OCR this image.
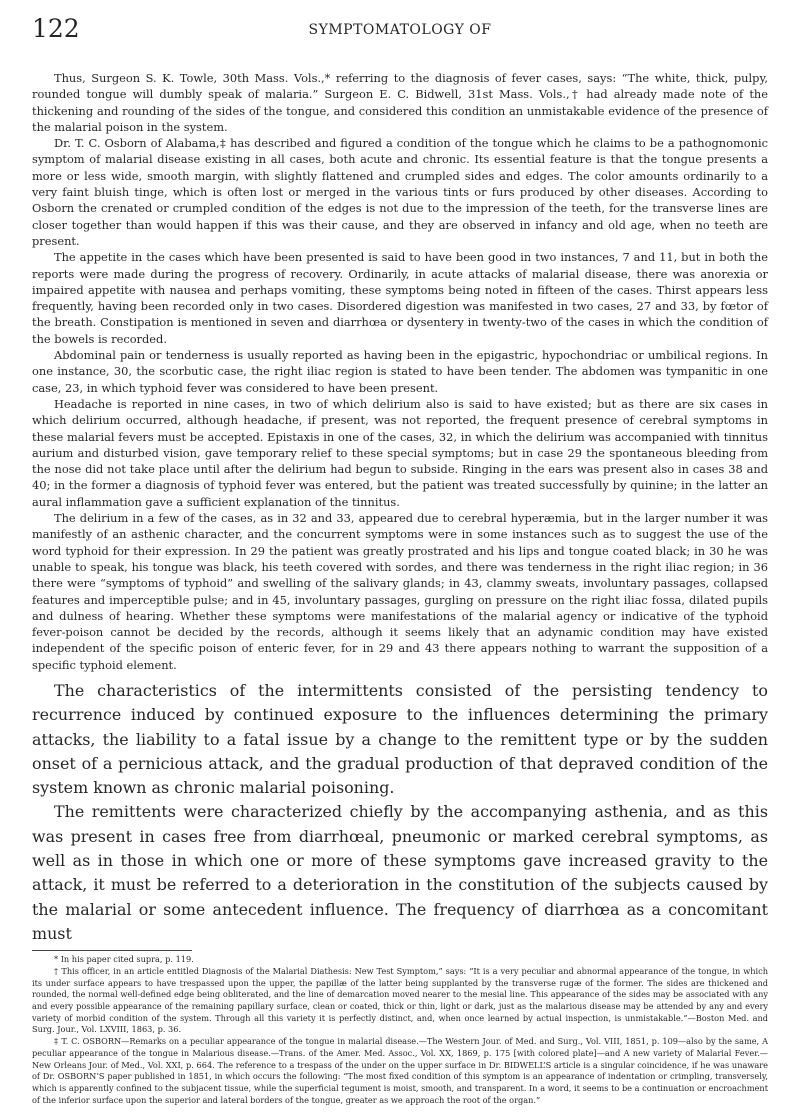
122	SYMPTOMATOLOGY OF

Thus, Surgeon S. K. Towle, 30th Mass. Vols.,* referring to the diagnosis of fever cases, says: “The white, thick, pulpy, rounded tongue will dumbly speak of malaria.” Surgeon E. C. Bidwell, 31st Mass. Vols.,† had already made note of the thickening and rounding of the sides of the tongue, and considered this condition an unmistakable evidence of the presence of the malarial poison in the system.

Dr. T. C. Osborn of Alabama,‡ has described and figured a condition of the tongue which he claims to be a pathognomonic symptom of malarial disease existing in all cases, both acute and chronic. Its essential feature is that the tongue presents a more or less wide, smooth margin, with slightly flattened and crumpled sides and edges. The color amounts ordinarily to a very faint bluish tinge, which is often lost or merged in the various tints or furs produced by other diseases. According to Osborn the crenated or crumpled condition of the edges is not due to the impression of the teeth, for the transverse lines are closer together than would happen if this was their cause, and they are observed in infancy and old age, when no teeth are present.

The appetite in the cases which have been presented is said to have been good in two instances, 7 and 11, but in both the reports were made during the progress of recovery. Ordinarily, in acute attacks of malarial disease, there was anorexia or impaired appetite with nausea and perhaps vomiting, these symptoms being noted in fifteen of the cases. Thirst appears less frequently, having been recorded only in two cases. Disordered digestion was manifested in two cases, 27 and 33, by fœtor of the breath. Constipation is mentioned in seven and diarrhœa or dysentery in twenty-two of the cases in which the condition of the bowels is recorded.

Abdominal pain or tenderness is usually reported as having been in the epigastric, hypochondriac or umbilical regions. In one instance, 30, the scorbutic case, the right iliac region is stated to have been tender. The abdomen was tympanitic in one case, 23, in which typhoid fever was considered to have been present.

Headache is reported in nine cases, in two of which delirium also is said to have existed; but as there are six cases in which delirium occurred, although headache, if present, was not reported, the frequent presence of cerebral symptoms in these malarial fevers must be accepted. Epistaxis in one of the cases, 32, in which the delirium was accompanied with tinnitus aurium and disturbed vision, gave temporary relief to these special symptoms; but in case 29 the spontaneous bleeding from the nose did not take place until after the delirium had begun to subside. Ringing in the ears was present also in cases 38 and 40; in the former a diagnosis of typhoid fever was entered, but the patient was treated successfully by quinine; in the latter an aural inflammation gave a sufficient explanation of the tinnitus.

The delirium in a few of the cases, as in 32 and 33, appeared due to cerebral hyperæmia, but in the larger number it was manifestly of an asthenic character, and the concurrent symptoms were in some instances such as to suggest the use of the word typhoid for their expression. In 29 the patient was greatly prostrated and his lips and tongue coated black; in 30 he was unable to speak, his tongue was black, his teeth covered with sordes, and there was tenderness in the right iliac region; in 36 there were “symptoms of typhoid” and swelling of the salivary glands; in 43, clammy sweats, involuntary passages, collapsed features and imperceptible pulse; and in 45, involuntary passages, gurgling on pressure on the right iliac fossa, dilated pupils and dulness of hearing. Whether these symptoms were manifestations of the malarial agency or indicative of the typhoid fever-poison cannot be decided by the records, although it seems likely that an adynamic condition may have existed independent of the specific poison of enteric fever, for in 29 and 43 there appears nothing to warrant the supposition of a specific typhoid element.

The characteristics of the intermittents consisted of the persisting tendency to recurrence induced by continued exposure to the influences determining the primary attacks, the liability to a fatal issue by a change to the remittent type or by the sudden onset of a pernicious attack, and the gradual production of that depraved condition of the system known as chronic malarial poisoning.

The remittents were characterized chiefly by the accompanying asthenia, and as this was present in cases free from diarrhœal, pneumonic or marked cerebral symptoms, as well as in those in which one or more of these symptoms gave increased gravity to the attack, it must be referred to a deterioration in the constitution of the subjects caused by the malarial or some antecedent influence. The frequency of diarrhœa as a concomitant must

* In his paper cited supra, p. 119.

† This officer, in an article entitled Diagnosis of the Malarial Diathesis: New Test Symptom,” says: “It is a very peculiar and abnormal appearance of the tongue, in which its under surface appears to have trespassed upon the upper, the papillæ of the latter being supplanted by the transverse rugæ of the former. The sides are thickened and rounded, the normal well-defined edge being obliterated, and the line of demarcation moved nearer to the mesial line. This appearance of the sides may be associated with any and every possible appearance of the remaining papillary surface, clean or coated, thick or thin, light or dark, just as the malarious disease may be attended by any and every variety of morbid condition of the system. Through all this variety it is perfectly distinct, and, when once learned by actual inspection, is unmistakable.”—Boston Med. and Surg. Jour., Vol. LXVIII, 1863, p. 36.

‡ T. C. OSBORN—Remarks on a peculiar appearance of the tongue in malarial disease.—The Western Jour. of Med. and Surg., Vol. VIII, 1851, p. 109—also by the same, A peculiar appearance of the tongue in Malarious disease.—Trans. of the Amer. Med. Assoc., Vol. XX, 1869, p. 175 [with colored plate]—and A new variety of Malarial Fever.—New Orleans Jour. of Med., Vol. XXI, p. 664. The reference to a trespass of the under on the upper surface in Dr. BIDWELL’S article is a singular coincidence, if he was unaware of Dr. OSBORN’S paper published in 1851, in which occurs the following: “The most fixed condition of this symptom is an appearance of indentation or crimpling, transversely, which is apparently confined to the subjacent tissue, while the superficial tegument is moist, smooth, and transparent. In a word, it seems to be a continuation or encroachment of the inferior surface upon the superior and lateral borders of the tongue, greater as we approach the root of the organ.”
